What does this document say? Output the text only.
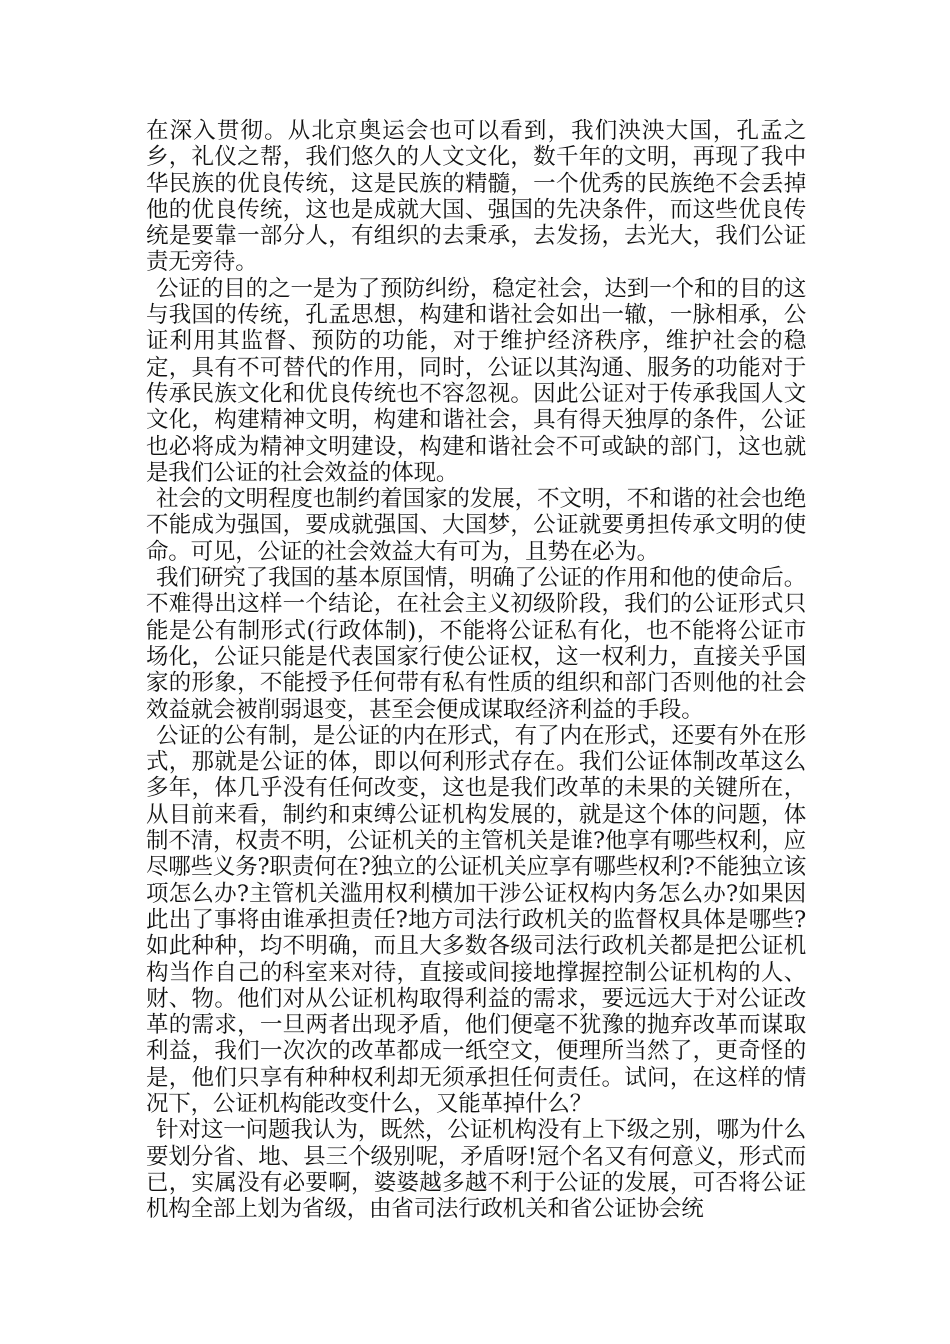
在深入贯彻。从北京奥运会也可以看到，我们泱泱大国，孔孟之乡，礼仪之帮，我们悠久的人文文化，数千年的文明，再现了我中华民族的优良传统，这是民族的精髓，一个优秀的民族绝不会丢掉他的优良传统，这也是成就大国、强国的先决条件，而这些优良传统是要靠一部分人，有组织的去秉承，去发扬，去光大，我们公证责无旁待。

公证的目的之一是为了预防纠纷，稳定社会，达到一个和的目的这与我国的传统，孔孟思想，构建和谐社会如出一辙，一脉相承，公证利用其监督、预防的功能，对于维护经济秩序，维护社会的稳定，具有不可替代的作用，同时，公证以其沟通、服务的功能对于传承民族文化和优良传统也不容忽视。因此公证对于传承我国人文文化，构建精神文明，构建和谐社会，具有得天独厚的条件，公证也必将成为精神文明建设，构建和谐社会不可或缺的部门，这也就是我们公证的社会效益的体现。

社会的文明程度也制约着国家的发展，不文明，不和谐的社会也绝不能成为强国，要成就强国、大国梦，公证就要勇担传承文明的使命。可见，公证的社会效益大有可为，且势在必为。

我们研究了我国的基本原国情，明确了公证的作用和他的使命后。不难得出这样一个结论，在社会主义初级阶段，我们的公证形式只能是公有制形式(行政体制)，不能将公证私有化，也不能将公证市场化，公证只能是代表国家行使公证权，这一权利力，直接关乎国家的形象，不能授予任何带有私有性质的组织和部门否则他的社会效益就会被削弱退变，甚至会便成谋取经济利益的手段。

公证的公有制，是公证的内在形式，有了内在形式，还要有外在形式，那就是公证的体，即以何利形式存在。我们公证体制改革这么多年，体几乎没有任何改变，这也是我们改革的未果的关键所在，从目前来看，制约和束缚公证机构发展的，就是这个体的问题，体制不清，权责不明，公证机关的主管机关是谁?他享有哪些权利，应尽哪些义务?职责何在?独立的公证机关应享有哪些权利?不能独立该项怎么办?主管机关滥用权利横加干涉公证权构内务怎么办?如果因此出了事将由谁承担责任?地方司法行政机关的监督权具体是哪些?如此种种，均不明确，而且大多数各级司法行政机关都是把公证机构当作自己的科室来对待，直接或间接地撑握控制公证机构的人、财、物。他们对从公证机构取得利益的需求，要远远大于对公证改革的需求，一旦两者出现矛盾，他们便毫不犹豫的抛弃改革而谋取利益，我们一次次的改革都成一纸空文，便理所当然了，更奇怪的是，他们只享有种种权利却无须承担任何责任。试问，在这样的情况下，公证机构能改变什么，又能革掉什么？

针对这一问题我认为，既然，公证机构没有上下级之别，哪为什么要划分省、地、县三个级别呢，矛盾呀!冠个名又有何意义，形式而已，实属没有必要啊，婆婆越多越不利于公证的发展，可否将公证机构全部上划为省级，由省司法行政机关和省公证协会统
